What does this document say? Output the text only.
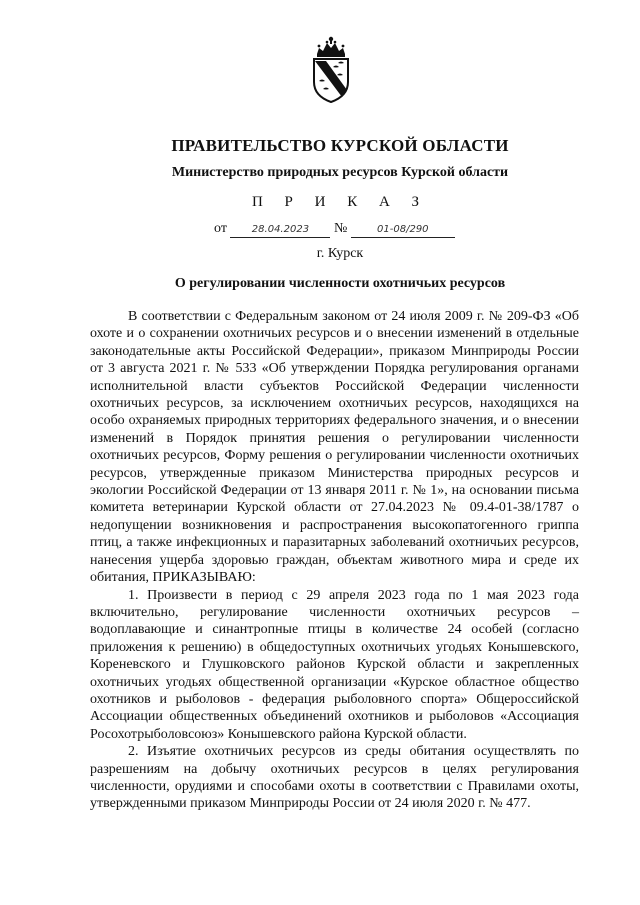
ПРАВИТЕЛЬСТВО КУРСКОЙ ОБЛАСТИ
Министерство природных ресурсов Курской области
П Р И К А З
от 28.04.2023 №	01-08/290
г. Курск
О регулировании численности охотничьих ресурсов

В соответствии с Федеральным законом от 24 июля 2009 г. № 209-ФЗ «Об охоте и о сохранении охотничьих ресурсов и о внесении изменений в отдельные законодательные акты Российской Федерации», приказом Минприроды России от 3 августа 2021 г. № 533 «Об утверждении Порядка регулирования органами исполнительной власти субъектов Российской Федерации численности охотничьих ресурсов, за исключением охотничьих ресурсов, находящихся на особо охраняемых природных территориях федерального значения, и о внесении изменений в Порядок принятия решения о регулировании численности охотничьих ресурсов, Форму решения о регулировании численности охотничьих ресурсов, утвержденные приказом Министерства природных ресурсов и экологии Российской Федерации от 13 января 2011 г. № 1», на основании письма комитета ветеринарии Курской области от 27.04.2023 № 09.4-01-38/1787 о недопущении возникновения и распространения высокопатогенного гриппа птиц, а также инфекционных и паразитарных заболеваний охотничьих ресурсов, нанесения ущерба здоровью граждан, объектам животного мира и среде их обитания, ПРИКАЗЫВАЮ:

1. Произвести в период с 29 апреля 2023 года по 1 мая 2023 года включительно, регулирование численности охотничьих ресурсов – водоплавающие и синантропные птицы в количестве 24 особей (согласно приложения к решению) в общедоступных охотничьих угодьях Конышевского, Кореневского и Глушковского районов Курской области и закрепленных охотничьих угодьях общественной организации «Курское областное общество охотников и рыболовов - федерация рыболовного спорта» Общероссийской Ассоциации общественных объединений охотников и рыболовов «Ассоциация Росохотрыболовсоюз» Конышевского района Курской области.

2. Изъятие охотничьих ресурсов из среды обитания осуществлять по разрешениям на добычу охотничьих ресурсов в целях регулирования численности, орудиями и способами охоты в соответствии с Правилами охоты, утвержденными приказом Минприроды России от 24 июля 2020 г. № 477.
